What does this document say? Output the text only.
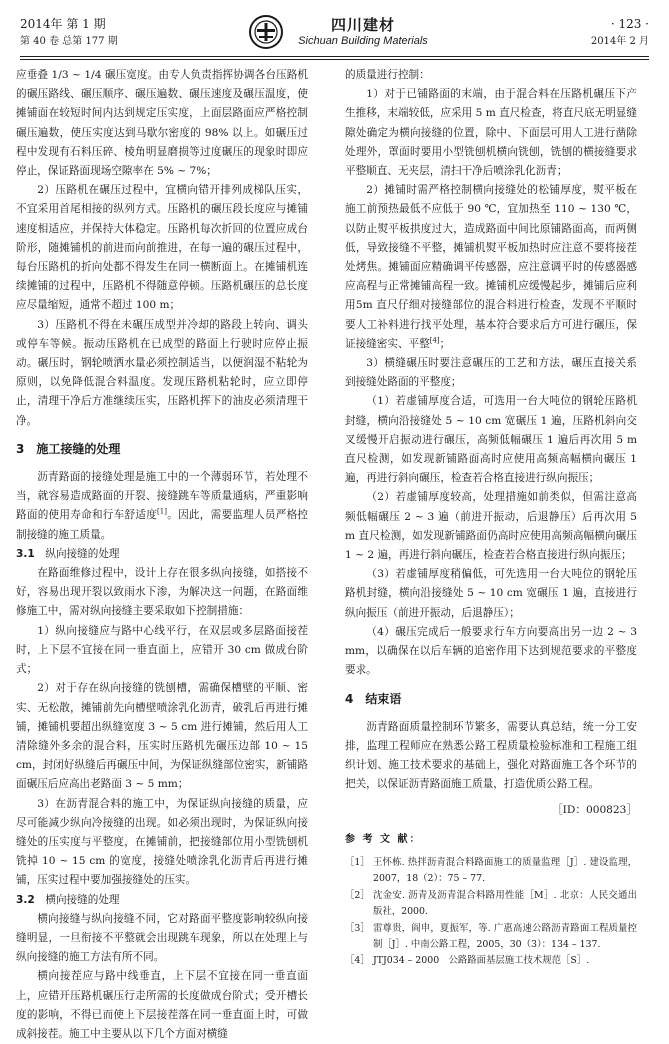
2014年 第 1 期
第 40 卷 总第 177 期
四川建材
Sichuan Building Materials
· 123 ·
2014年 2 月

应垂叠 1/3 ~ 1/4 碾压宽度。由专人负责指挥协调各台压路机的碾压路线、碾压顺序、碾压遍数、碾压速度及碾压温度，使摊铺面在较短时间内达到规定压实度，上面层路面应严格控制碾压遍数，使压实度达到马歇尔密度的 98% 以上。如碾压过程中发现有石料压碎、棱角明显磨损等过度碾压的现象时即应停止，保证路面现场空隙率在 5% ~ 7%；

2）压路机在碾压过程中，宜横向错开排列成梯队压实，不宜采用首尾相接的纵列方式。压路机的碾压段长度应与摊铺速度相适应，并保持大体稳定。压路机每次折回的位置应成台阶形，随摊铺机的前进而向前推进，在每一遍的碾压过程中，每台压路机的折向处都不得发生在同一横断面上。在摊铺机连续摊铺的过程中，压路机不得随意停顿。压路机碾压的总长度应尽量缩短，通常不超过 100 m；

3）压路机不得在未碾压成型并冷却的路段上转向、调头或停车等候。振动压路机在已成型的路面上行驶时应停止振动。碾压时，钢轮喷洒水量必须控制适当，以便润湿不粘轮为原则，以免降低混合料温度。发现压路机粘轮时，应立即停止，清理干净后方准继续压实，压路机挥下的油皮必须清理干净。

3　施工接缝的处理

沥青路面的接缝处理是施工中的一个薄弱环节，若处理不当，就容易造成路面的开裂、接缝跳车等质量通病，严重影响路面的使用寿命和行车舒适度[1]。因此，需要监理人员严格控制接缝的施工质量。

3.1　 纵向接缝的处理

在路面维修过程中，设计上存在很多纵向接缝，如搭接不好，容易出现开裂以致雨水下渗，为解决这一问题，在路面维修施工中，需对纵向接缝主要采取如下控制措施：

1）纵向接缝应与路中心线平行，在双层或多层路面接茬时，上下层不宜接在同一垂直面上，应错开 30 cm 做成台阶式；

2）对于存在纵向接缝的铣刨槽，需确保槽壁的平顺、密实、无松散，摊铺前先向槽壁喷涂乳化沥青，破乳后再进行摊铺，摊铺机要超出纵缝宽度 3 ~ 5 cm 进行摊铺，然后用人工清除缝外多余的混合料，压实时压路机先碾压边部 10 ~ 15 cm，封闭好纵缝后再碾压中间，为保证纵缝部位密实，新铺路面碾压后应高出老路面 3 ~ 5 mm；

3）在沥青混合料的施工中，为保证纵向接缝的质量，应尽可能减少纵向冷接缝的出现。如必须出现时，为保证纵向接缝处的压实度与平整度，在摊铺前，把接缝部位用小型铣刨机铣掉 10 ~ 15 cm 的宽度，接缝处喷涂乳化沥青后再进行摊铺，压实过程中要加强接缝处的压实。

3.2　 横向接缝的处理

横向接缝与纵向接缝不同，它对路面平整度影响较纵向接缝明显，一旦衔接不平整就会出现跳车现象，所以在处理上与纵向接缝的施工方法有所不同。

横向接茬应与路中线垂直，上下层不宜接在同一垂直面上，应错开压路机碾压行走所需的长度做成台阶式；受开槽长度的影响，不得已而使上下层接茬落在同一垂直面上时，可做成斜接茬。施工中主要从以下几个方面对横缝

的质量进行控制：

1）对于已铺路面的末端，由于混合料在压路机碾压下产生推移，末端较低，应采用 5 m 直尺检查，将直尺底无明显缝隙处确定为横向接缝的位置，除中、下面层可用人工进行凿除处理外，罩面时要用小型铣刨机横向铣刨，铣刨的横接缝要求平整顺直、无夹层，清扫干净后喷涂乳化沥青；

2）摊铺时需严格控制横向接缝处的松铺厚度，熨平板在施工前预热最低不应低于 90 ℃，宜加热至 110 ~ 130 ℃，以防止熨平板拱度过大，造成路面中间比原铺路面高，而两侧低，导致接缝不平整，摊铺机熨平板加热时应注意不要将接茬处烤焦。摊铺面应精确调平传感器，应注意调平时的传感器感应高程与正常摊铺高程一致。摊铺机应缓慢起步，摊铺后应利用5m 直尺仔细对接缝部位的混合料进行检查，发现不平顺时要人工补料进行找平处理，基本符合要求后方可进行碾压，保证接缝密实、平整[4]；

3）横缝碾压时要注意碾压的工艺和方法，碾压直接关系到接缝处路面的平整度；

（1）若虚铺厚度合适，可选用一台大吨位的钢轮压路机封缝，横向沿接缝处 5 ~ 10 cm 宽碾压 1 遍，压路机斜向交叉缓慢开启振动进行碾压，高频低幅碾压 1 遍后再次用 5 m 直尺检测，如发现新铺路面高时应使用高频高幅横向碾压 1 遍，再进行斜向碾压，检查若合格直接进行纵向振压；

（2）若虚铺厚度较高，处理措施如前类似，但需注意高频低幅碾压 2 ~ 3 遍（前进开振动，后退静压）后再次用 5 m 直尺检测，如发现新铺路面仍高时应使用高频高幅横向碾压 1 ~ 2 遍，再进行斜向碾压，检查若合格直接进行纵向振压；

（3）若虚铺厚度稍偏低，可先选用一台大吨位的钢轮压路机封缝，横向沿接缝处 5 ~ 10 cm 宽碾压 1 遍，直接进行纵向振压（前进开振动，后退静压）；

（4）碾压完成后一般要求行车方向要高出另一边 2 ~ 3 mm，以确保在以后车辆的追密作用下达到规范要求的平整度要求。

4　结束语

沥青路面质量控制环节繁多，需要认真总结，统一分工安排，监理工程师应在熟悉公路工程质量检验标准和工程施工组织计划、施工技术要求的基础上，强化对路面施工各个环节的把关，以保证沥青路面施工质量，打造优质公路工程。

［ID：000823］
参 考 文 献：
［1］ 王怀栋. 热拌沥青混合料路面施工的质量监理［J］. 建设监理，2007，18（2）：75 – 77.
［2］ 沈金安. 沥青及沥青混合料路用性能［M］. 北京：人民交通出版社，2000.
［3］ 雷尊贵，阎申，夏振军，等. 广惠高速公路沥青路面工程质量控制［J］. 中南公路工程，2005，30（3）：134 – 137.
［4］ JTJ034 – 2000　公路路面基层施工技术规范［S］.
